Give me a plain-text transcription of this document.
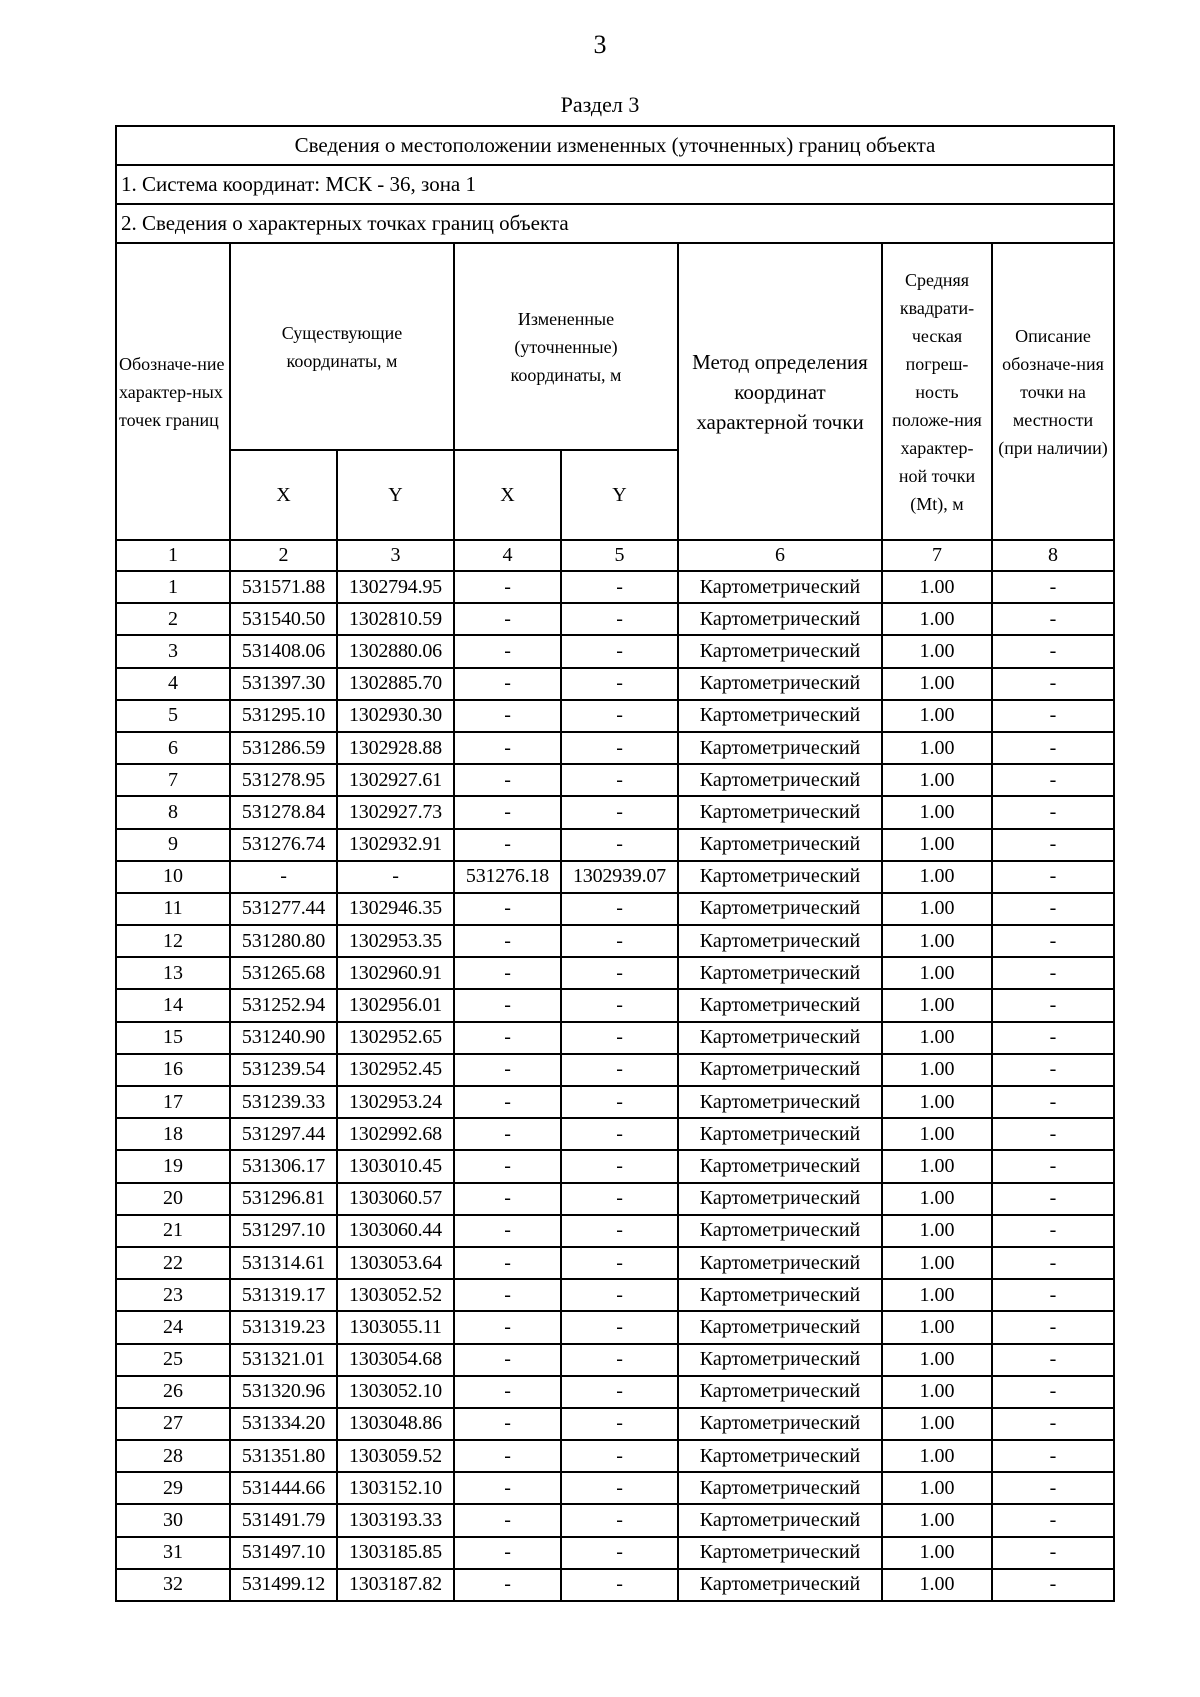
3
Раздел 3
Сведения о местоположении измененных (уточненных) границ объекта							
1. Система координат: МСК - 36, зона 1							
2. Сведения о характерных точках границ объекта							
Обозначе-ние характер-ных точек границ	Существующие координаты, м		Измененные (уточненные) координаты, м		Метод определения координат характерной точки	Средняя квадрати-ческая погреш-ность положе-ния характер-ной точки (Mt), м	Описание обозначе-ния точки на местности (при наличии)
	X	Y	X	Y			
1	2	3	4	5	6	7	8
1	531571.88	1302794.95	-	-	Картометрический	1.00	-
2	531540.50	1302810.59	-	-	Картометрический	1.00	-
3	531408.06	1302880.06	-	-	Картометрический	1.00	-
4	531397.30	1302885.70	-	-	Картометрический	1.00	-
5	531295.10	1302930.30	-	-	Картометрический	1.00	-
6	531286.59	1302928.88	-	-	Картометрический	1.00	-
7	531278.95	1302927.61	-	-	Картометрический	1.00	-
8	531278.84	1302927.73	-	-	Картометрический	1.00	-
9	531276.74	1302932.91	-	-	Картометрический	1.00	-
10	-	-	531276.18	1302939.07	Картометрический	1.00	-
11	531277.44	1302946.35	-	-	Картометрический	1.00	-
12	531280.80	1302953.35	-	-	Картометрический	1.00	-
13	531265.68	1302960.91	-	-	Картометрический	1.00	-
14	531252.94	1302956.01	-	-	Картометрический	1.00	-
15	531240.90	1302952.65	-	-	Картометрический	1.00	-
16	531239.54	1302952.45	-	-	Картометрический	1.00	-
17	531239.33	1302953.24	-	-	Картометрический	1.00	-
18	531297.44	1302992.68	-	-	Картометрический	1.00	-
19	531306.17	1303010.45	-	-	Картометрический	1.00	-
20	531296.81	1303060.57	-	-	Картометрический	1.00	-
21	531297.10	1303060.44	-	-	Картометрический	1.00	-
22	531314.61	1303053.64	-	-	Картометрический	1.00	-
23	531319.17	1303052.52	-	-	Картометрический	1.00	-
24	531319.23	1303055.11	-	-	Картометрический	1.00	-
25	531321.01	1303054.68	-	-	Картометрический	1.00	-
26	531320.96	1303052.10	-	-	Картометрический	1.00	-
27	531334.20	1303048.86	-	-	Картометрический	1.00	-
28	531351.80	1303059.52	-	-	Картометрический	1.00	-
29	531444.66	1303152.10	-	-	Картометрический	1.00	-
30	531491.79	1303193.33	-	-	Картометрический	1.00	-
31	531497.10	1303185.85	-	-	Картометрический	1.00	-
32	531499.12	1303187.82	-	-	Картометрический	1.00	-
